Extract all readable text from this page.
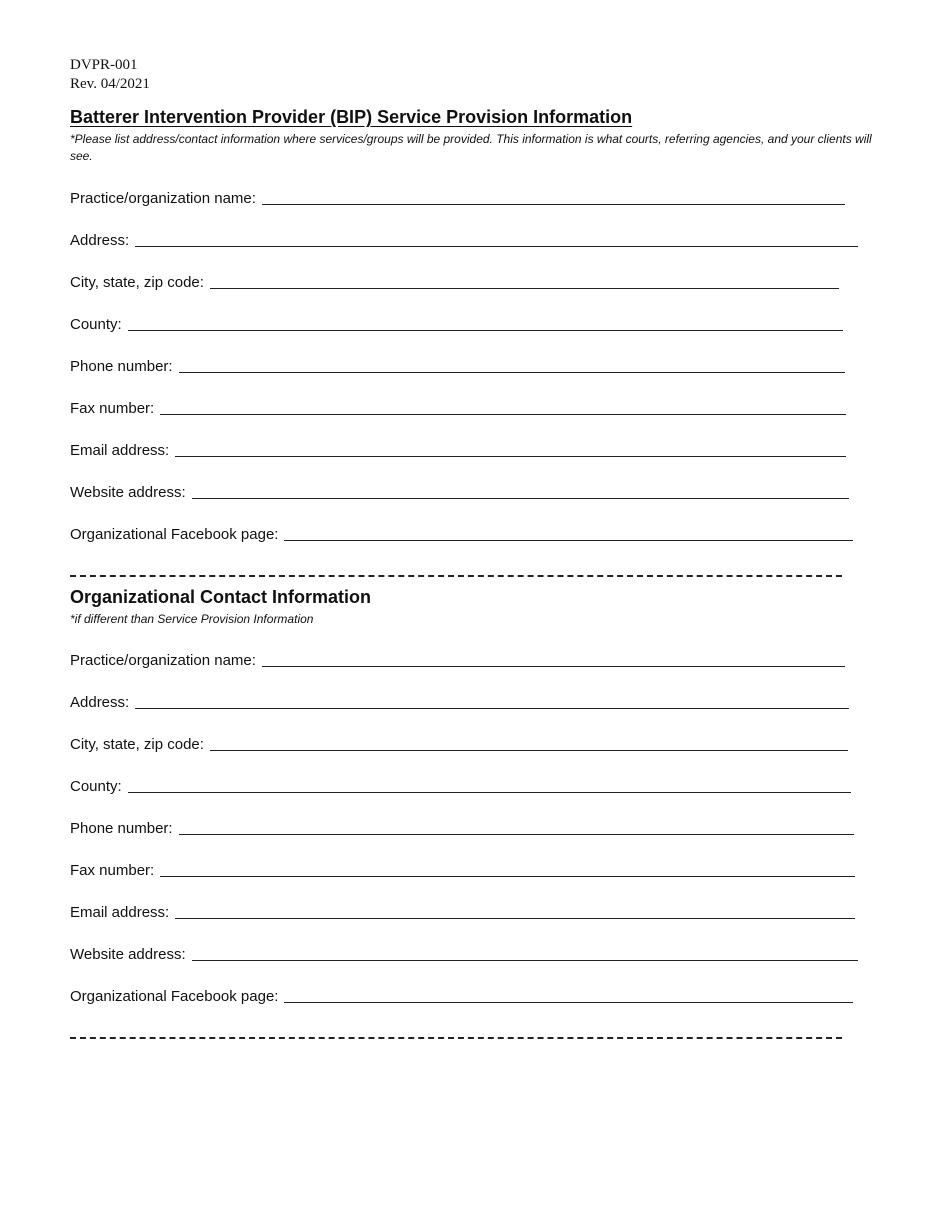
DVPR-001
Rev. 04/2021
Batterer Intervention Provider (BIP) Service Provision Information
*Please list address/contact information where services/groups will be provided. This information is what courts, referring agencies, and your clients will see.
Practice/organization name:
Address:
City, state, zip code:
County:
Phone number:
Fax number:
Email address:
Website address:
Organizational Facebook page:
Organizational Contact Information
*if different than Service Provision Information
Practice/organization name:
Address:
City, state, zip code:
County:
Phone number:
Fax number:
Email address:
Website address:
Organizational Facebook page:
